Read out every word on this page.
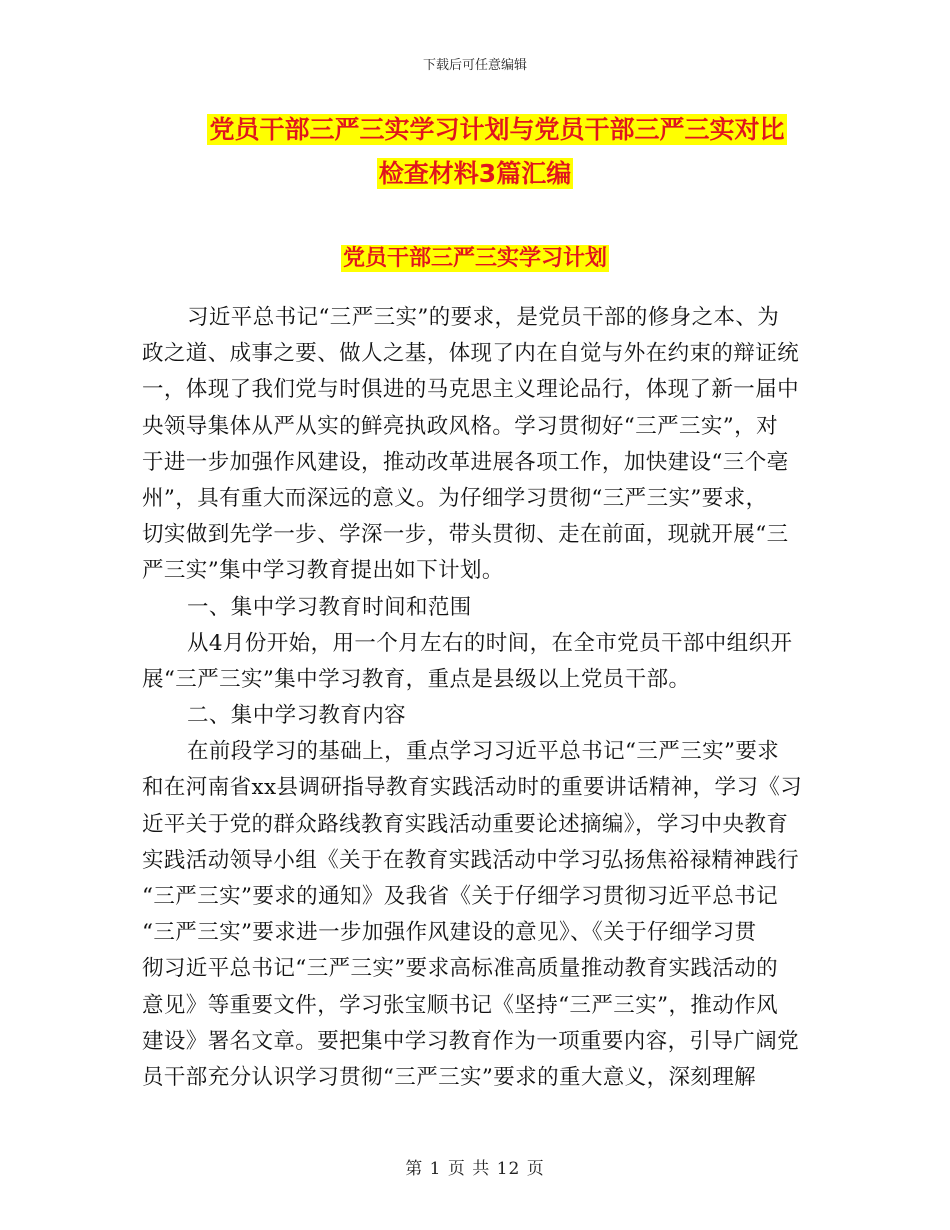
下载后可任意编辑
党员干部三严三实学习计划与党员干部三严三实对比
检查材料3篇汇编
党员干部三严三实学习计划
习近平总书记“三严三实”的要求，是党员干部的修身之本、为
政之道、成事之要、做人之基，体现了内在自觉与外在约束的辩证统
一，体现了我们党与时俱进的马克思主义理论品行，体现了新一届中
央领导集体从严从实的鲜亮执政风格。学习贯彻好“三严三实”，对
于进一步加强作风建设，推动改革进展各项工作，加快建设“三个亳
州”，具有重大而深远的意义。为仔细学习贯彻“三严三实”要求，
切实做到先学一步、学深一步，带头贯彻、走在前面，现就开展“三
严三实”集中学习教育提出如下计划。
一、集中学习教育时间和范围
从4月份开始，用一个月左右的时间，在全市党员干部中组织开
展“三严三实”集中学习教育，重点是县级以上党员干部。
二、集中学习教育内容
在前段学习的基础上，重点学习习近平总书记“三严三实”要求
和在河南省xx县调研指导教育实践活动时的重要讲话精神，学习《习
近平关于党的群众路线教育实践活动重要论述摘编》，学习中央教育
实践活动领导小组《关于在教育实践活动中学习弘扬焦裕禄精神践行
“三严三实”要求的通知》及我省《关于仔细学习贯彻习近平总书记
“三严三实”要求进一步加强作风建设的意见》、《关于仔细学习贯
彻习近平总书记“三严三实”要求高标准高质量推动教育实践活动的
意见》等重要文件，学习张宝顺书记《坚持“三严三实”，推动作风
建设》署名文章。要把集中学习教育作为一项重要内容，引导广阔党
员干部充分认识学习贯彻“三严三实”要求的重大意义，深刻理解
第 1 页 共 12 页
